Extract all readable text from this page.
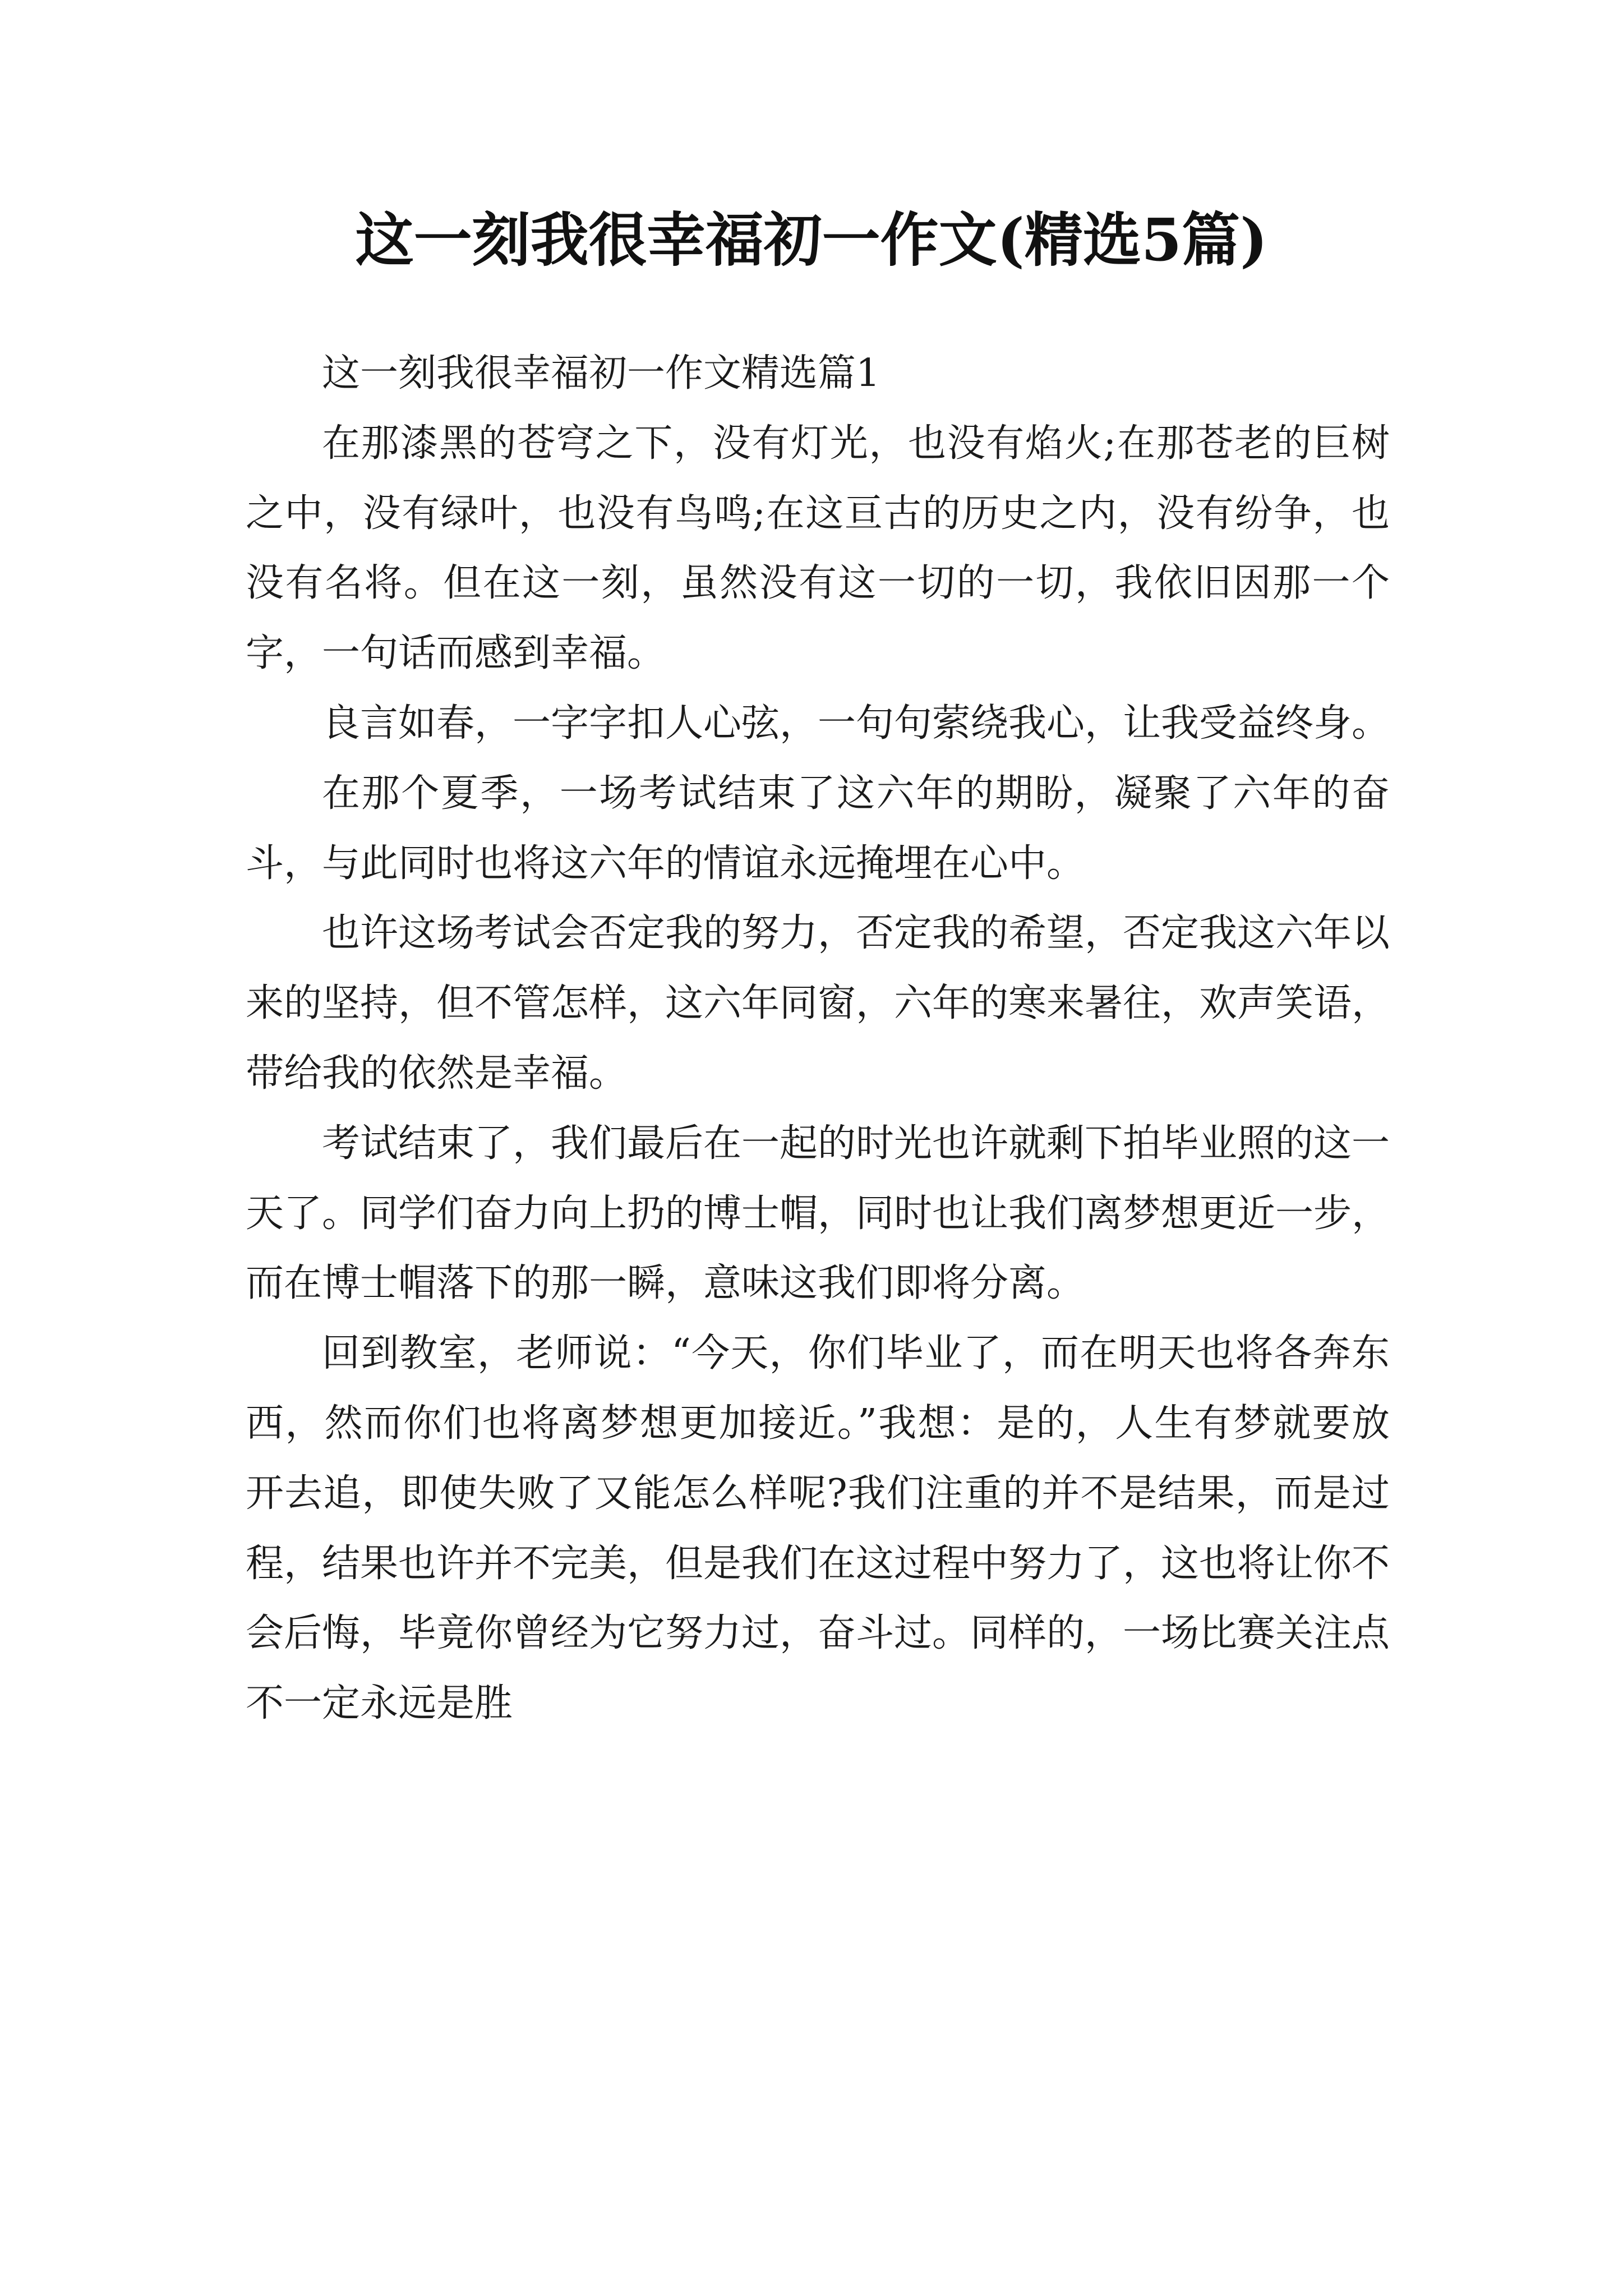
这一刻我很幸福初一作文(精选5篇)

这一刻我很幸福初一作文精选篇1

在那漆黑的苍穹之下，没有灯光，也没有焰火;在那苍老的巨树之中，没有绿叶，也没有鸟鸣;在这亘古的历史之内，没有纷争，也没有名将。但在这一刻，虽然没有这一切的一切，我依旧因那一个字，一句话而感到幸福。

良言如春，一字字扣人心弦，一句句萦绕我心，让我受益终身。

在那个夏季，一场考试结束了这六年的期盼，凝聚了六年的奋斗，与此同时也将这六年的情谊永远掩埋在心中。

也许这场考试会否定我的努力，否定我的希望，否定我这六年以来的坚持，但不管怎样，这六年同窗，六年的寒来暑往，欢声笑语，带给我的依然是幸福。

考试结束了，我们最后在一起的时光也许就剩下拍毕业照的这一天了。同学们奋力向上扔的博士帽，同时也让我们离梦想更近一步，而在博士帽落下的那一瞬，意味这我们即将分离。

回到教室，老师说：“今天，你们毕业了，而在明天也将各奔东西，然而你们也将离梦想更加接近。”我想：是的，人生有梦就要放开去追，即使失败了又能怎么样呢?我们注重的并不是结果，而是过程，结果也许并不完美，但是我们在这过程中努力了，这也将让你不会后悔，毕竟你曾经为它努力过，奋斗过。同样的，一场比赛关注点不一定永远是胜
